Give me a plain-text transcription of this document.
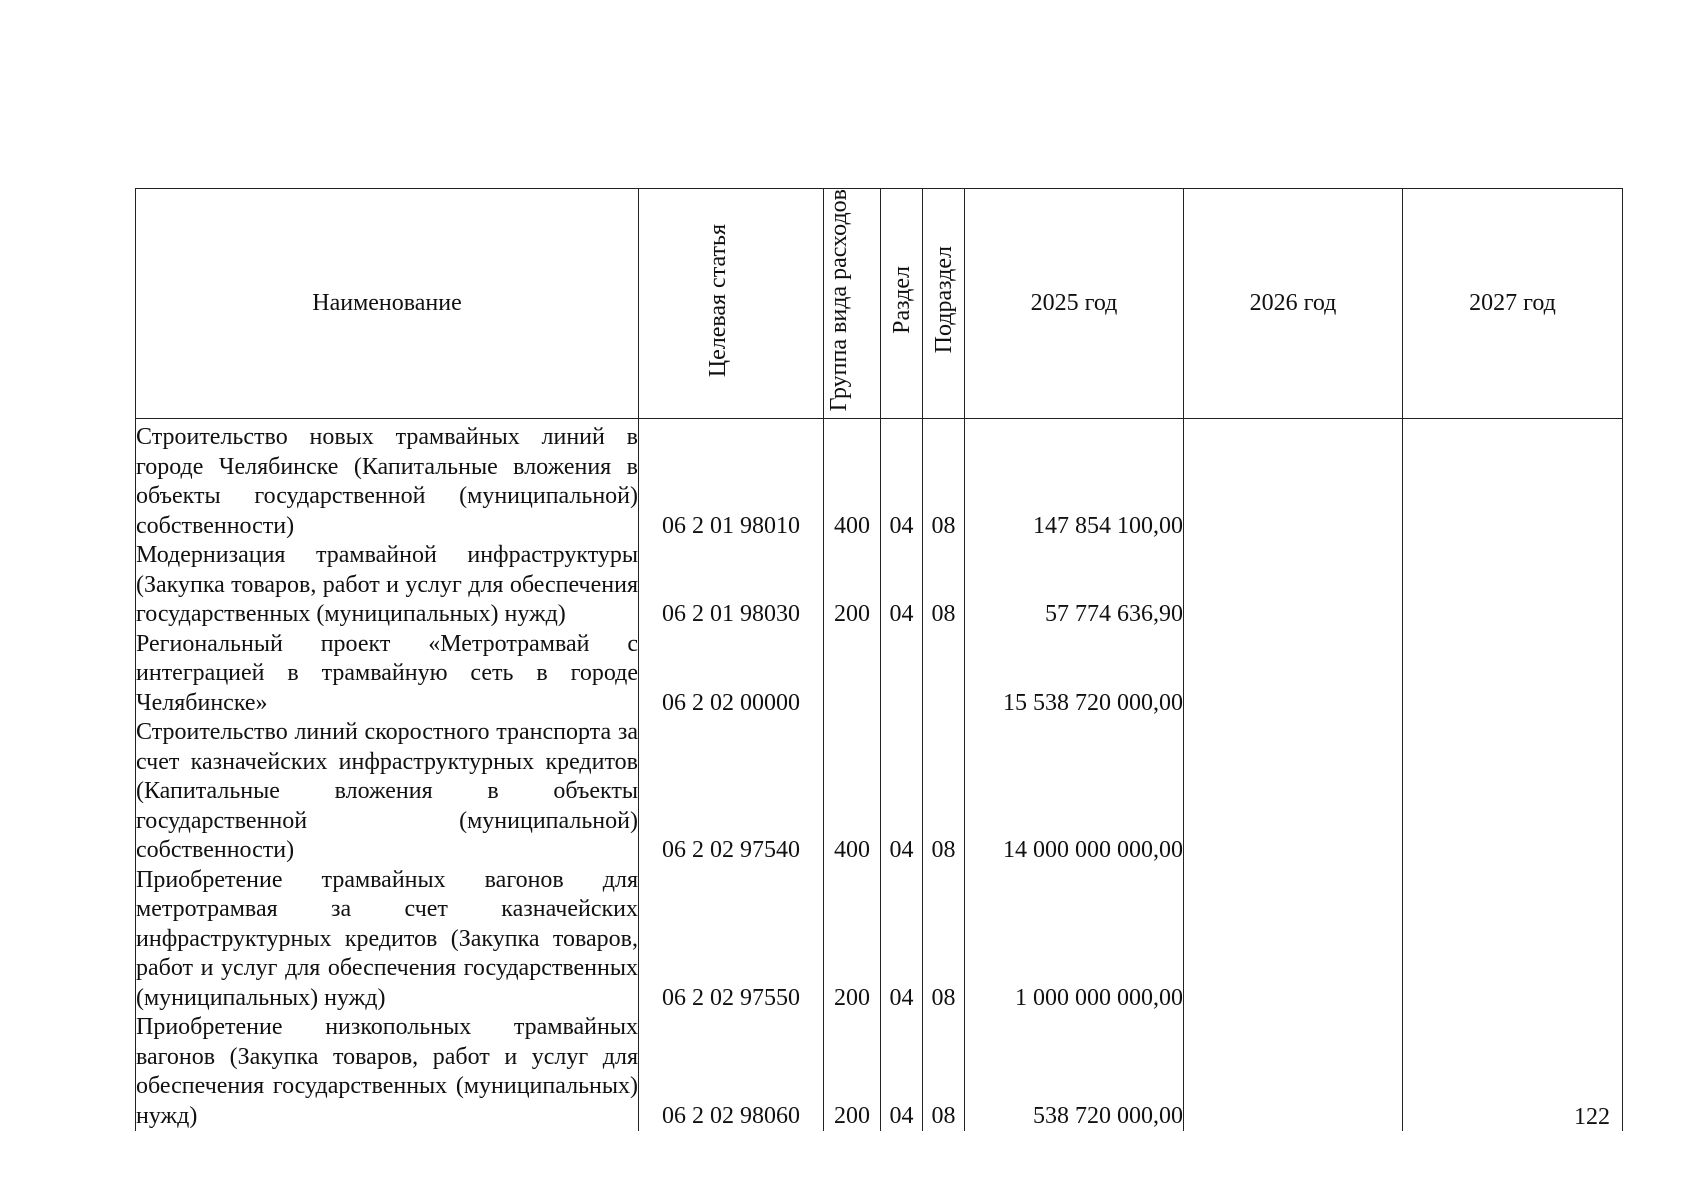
Наименование	Целевая статья	Группа вида расходов	Раздел	Подраздел	2025 год	2026 год	2027 год
Строительство новых трамвайных линий в городе Челябинске (Капитальные вложения в объекты государственной (муниципальной) собственности)	06 2 01 98010	400	04	08	147 854 100,00		
Модернизация трамвайной инфраструктуры (Закупка товаров, работ и услуг для обеспечения государственных (муниципальных) нужд)	06 2 01 98030	200	04	08	57 774 636,90		
Региональный проект «Метротрамвай с интеграцией в трамвайную сеть в городе Челябинске»	06 2 02 00000				15 538 720 000,00		
Строительство линий скоростного транспорта за счет казначейских инфраструктурных кредитов (Капитальные вложения в объекты государственной (муниципальной) собственности)	06 2 02 97540	400	04	08	14 000 000 000,00		
Приобретение трамвайных вагонов для метротрамвая за счет казначейских инфраструктурных кредитов (Закупка товаров, работ и услуг для обеспечения государственных (муниципальных) нужд)	06 2 02 97550	200	04	08	1 000 000 000,00		
Приобретение низкопольных трамвайных вагонов (Закупка товаров, работ и услуг для обеспечения государственных (муниципальных) нужд)	06 2 02 98060	200	04	08	538 720 000,00			122
